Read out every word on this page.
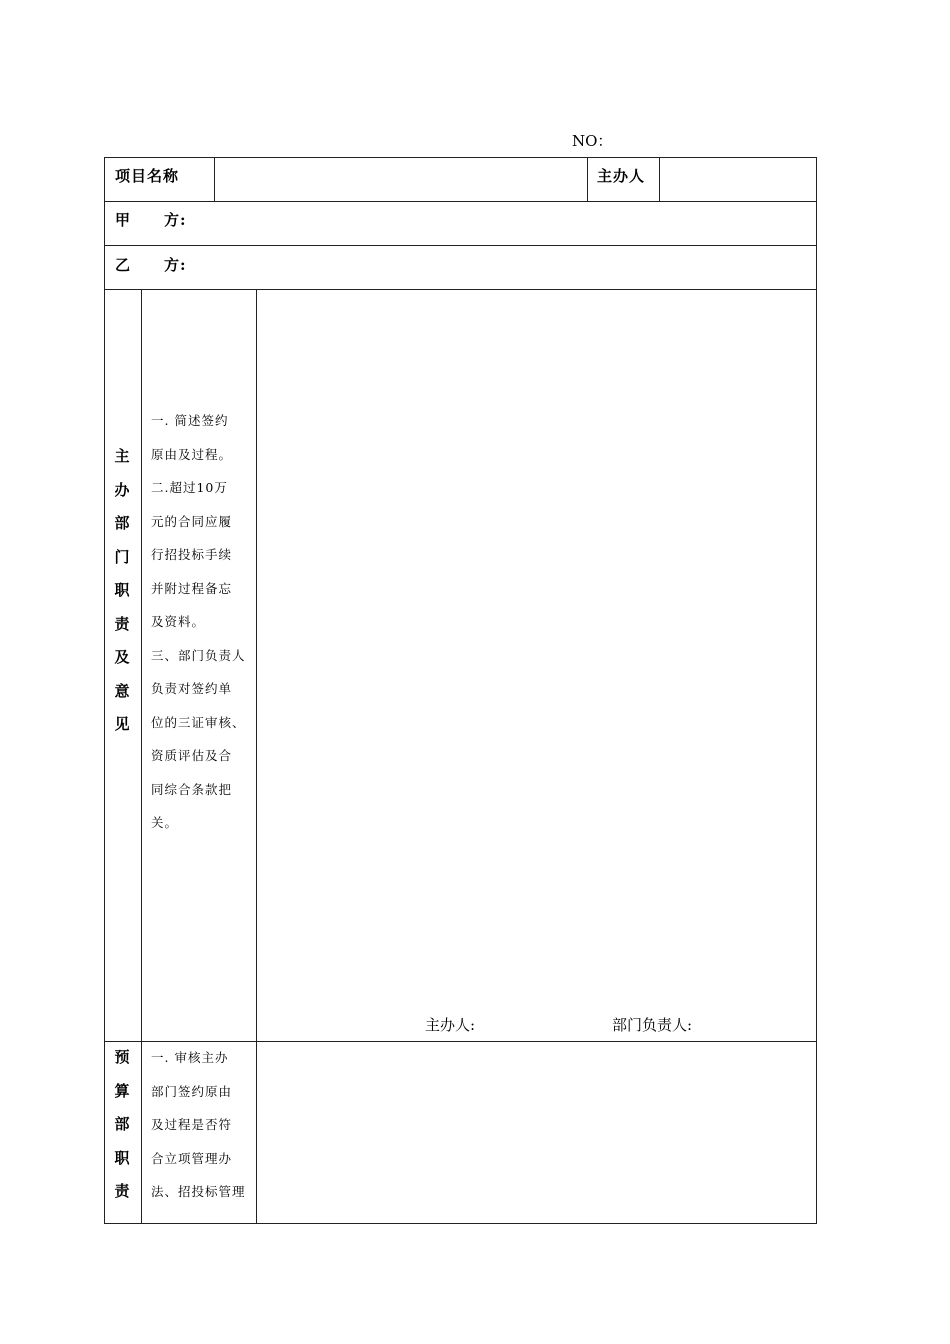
NO：
项目名称	主办人
甲 方:
乙 方:
主
办
部
门
职
责
及
意
见
一. 简述签约
原由及过程。
二.超过10万
元的合同应履
行招投标手续
并附过程备忘
及资料。
三、部门负责人
负责对签约单
位的三证审核、
资质评估及合
同综合条款把
关。
主办人:	部门负责人:
预
算
部
职
责
一. 审核主办
部门签约原由
及过程是否符
合立项管理办
法、招投标管理
